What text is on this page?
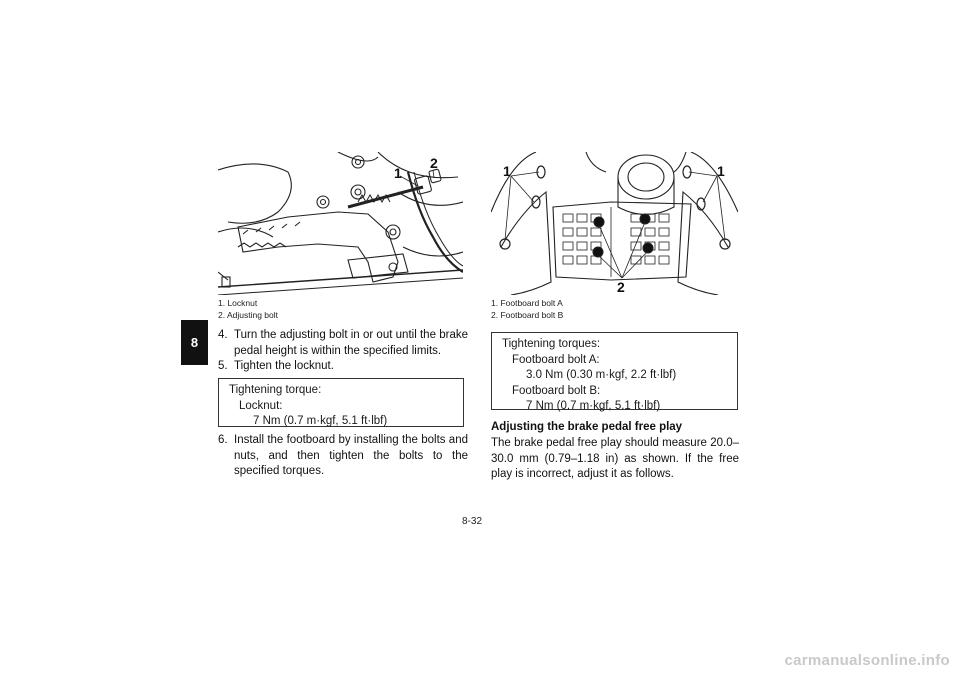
8
1
2
1. Locknut
2. Adjusting bolt
4. Turn the adjusting bolt in or out until the brake pedal height is within the specified limits.
5. Tighten the locknut.
Tightening torque:
Locknut:
7 Nm (0.7 m·kgf, 5.1 ft·lbf)
6. Install the footboard by installing the bolts and nuts, and then tighten the bolts to the specified torques.
1	1
2
1. Footboard bolt A
2. Footboard bolt B
Tightening torques:
Footboard bolt A:
3.0 Nm (0.30 m·kgf, 2.2 ft·lbf)
Footboard bolt B:
7 Nm (0.7 m·kgf, 5.1 ft·lbf)
Adjusting the brake pedal free play
The brake pedal free play should measure 20.0–30.0 mm (0.79–1.18 in) as shown. If the free play is incorrect, adjust it as follows.
8-32
carmanualsonline.info
